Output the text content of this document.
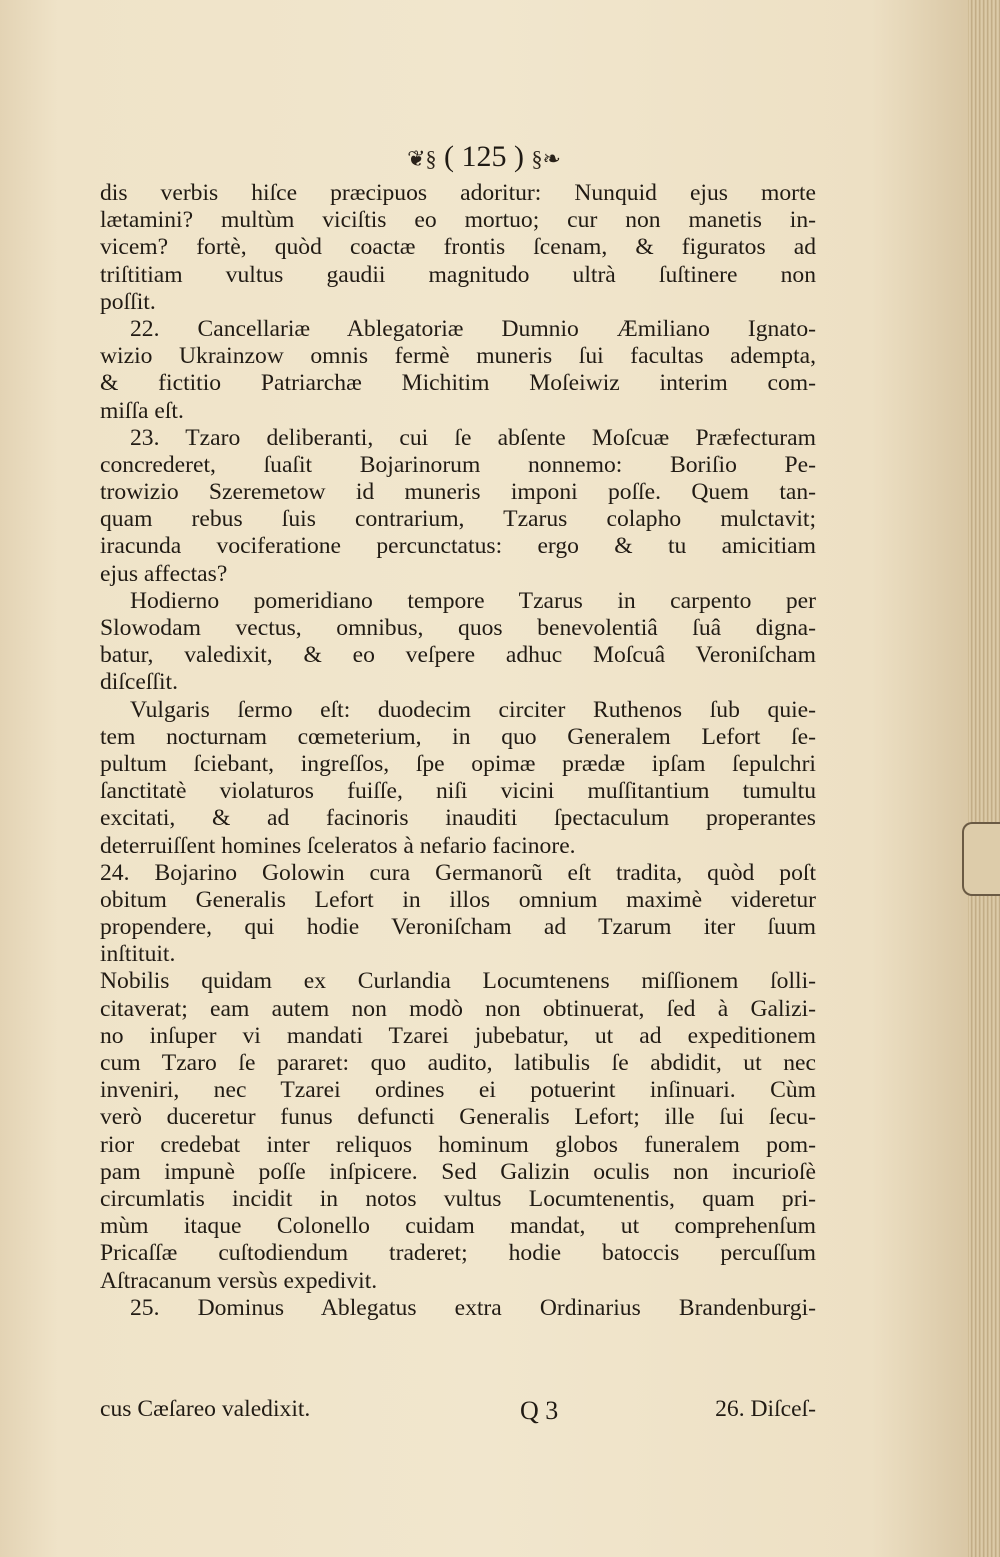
❦§ ( 125 ) §❧
dis verbis hiſce præcipuos adoritur: Nunquid ejus morte
lætamini? multùm viciſtis eo mortuo; cur non manetis in-
vicem? fortè, quòd coactæ frontis ſcenam, & figuratos ad
triſtitiam vultus gaudii magnitudo ultrà ſuſtinere non
poſſit.
22. Cancellariæ Ablegatoriæ Dumnio Æmiliano Ignato-
wizio Ukrainzow omnis fermè muneris ſui facultas adempta,
& fictitio Patriarchæ Michitim Moſeiwiz interim com-
miſſa eſt.
23. Tzaro deliberanti, cui ſe abſente Moſcuæ Præfecturam
concrederet, ſuaſit Bojarinorum nonnemo: Boriſio Pe-
trowizio Szeremetow id muneris imponi poſſe. Quem tan-
quam rebus ſuis contrarium, Tzarus colapho mulctavit;
iracunda vociferatione percunctatus: ergo & tu amicitiam
ejus affectas?
Hodierno pomeridiano tempore Tzarus in carpento per
Slowodam vectus, omnibus, quos benevolentiâ ſuâ digna-
batur, valedixit, & eo veſpere adhuc Moſcuâ Veroniſcham
diſceſſit.
Vulgaris ſermo eſt: duodecim circiter Ruthenos ſub quie-
tem nocturnam cœmeterium, in quo Generalem Lefort ſe-
pultum ſciebant, ingreſſos, ſpe opimæ prædæ ipſam ſepulchri
ſanctitatè violaturos fuiſſe, niſi vicini muſſitantium tumultu
excitati, & ad facinoris inauditi ſpectaculum properantes
deterruiſſent homines ſceleratos à nefario facinore.
24. Bojarino Golowin cura Germanorũ eſt tradita, quòd poſt
obitum Generalis Lefort in illos omnium maximè videretur
propendere, qui hodie Veroniſcham ad Tzarum iter ſuum
inſtituit.
Nobilis quidam ex Curlandia Locumtenens miſſionem ſolli-
citaverat; eam autem non modò non obtinuerat, ſed à Galizi-
no inſuper vi mandati Tzarei jubebatur, ut ad expeditionem
cum Tzaro ſe pararet: quo audito, latibulis ſe abdidit, ut nec
inveniri, nec Tzarei ordines ei potuerint inſinuari. Cùm
verò duceretur funus defuncti Generalis Lefort; ille ſui ſecu-
rior credebat inter reliquos hominum globos funeralem pom-
pam impunè poſſe inſpicere. Sed Galizin oculis non incurioſè
circumlatis incidit in notos vultus Locumtenentis, quam pri-
mùm itaque Colonello cuidam mandat, ut comprehenſum
Pricaſſæ cuſtodiendum traderet; hodie batoccis percuſſum
Aſtracanum versùs expedivit.
25. Dominus Ablegatus extra Ordinarius Brandenburgi-
cus Cæſareo valedixit.	Q 3	26. Diſceſ-
